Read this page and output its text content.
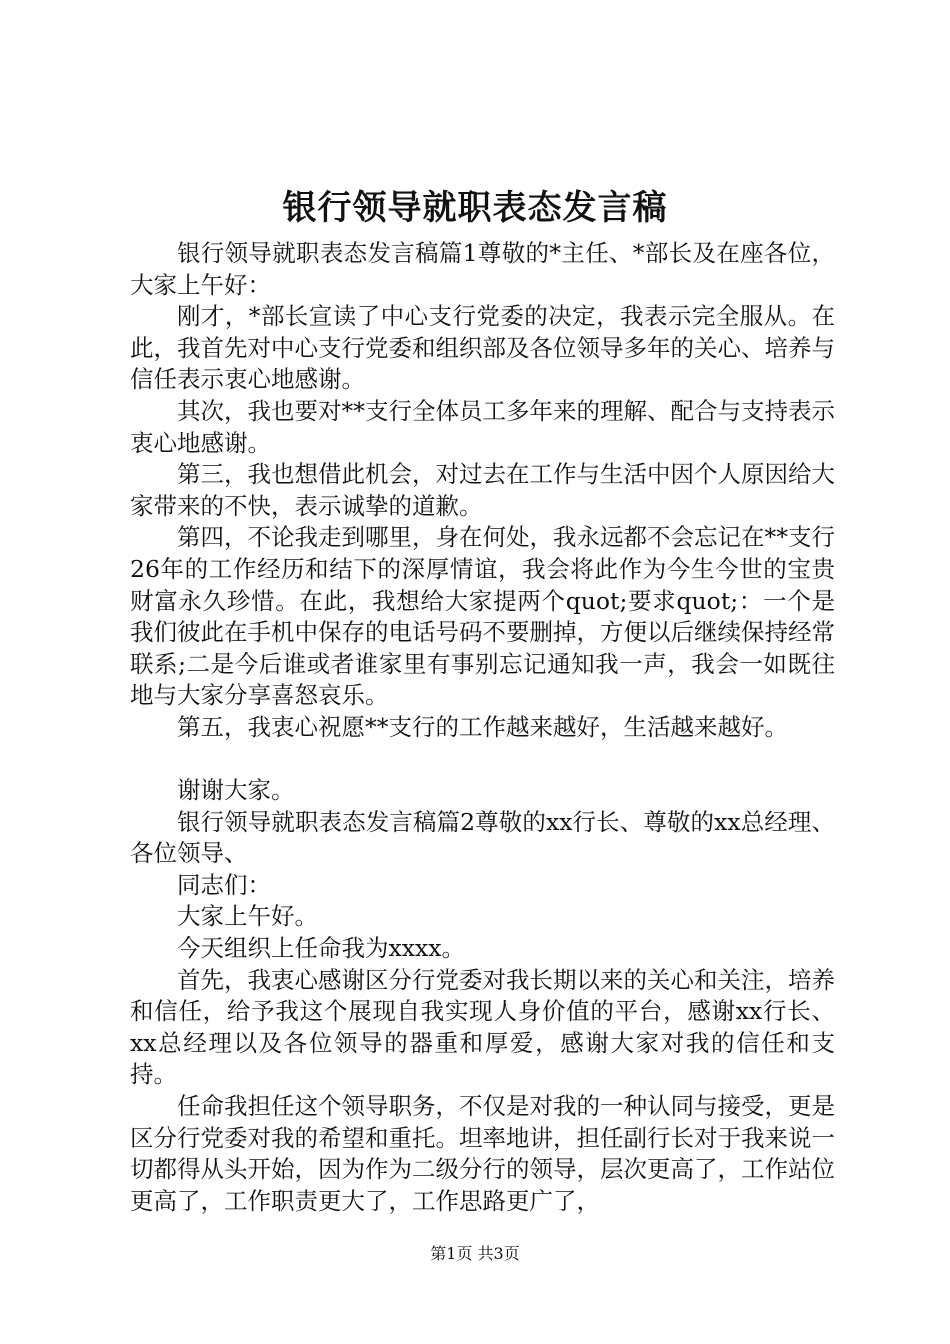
银行领导就职表态发言稿

银行领导就职表态发言稿篇1尊敬的*主任、*部长及在座各位，大家上午好：

刚才，*部长宣读了中心支行党委的决定，我表示完全服从。在此，我首先对中心支行党委和组织部及各位领导多年的关心、培养与信任表示衷心地感谢。

其次，我也要对**支行全体员工多年来的理解、配合与支持表示衷心地感谢。

第三，我也想借此机会，对过去在工作与生活中因个人原因给大家带来的不快，表示诚挚的道歉。

第四，不论我走到哪里，身在何处，我永远都不会忘记在**支行26年的工作经历和结下的深厚情谊，我会将此作为今生今世的宝贵财富永久珍惜。在此，我想给大家提两个quot;要求quot;：一个是我们彼此在手机中保存的电话号码不要删掉，方便以后继续保持经常联系;二是今后谁或者谁家里有事别忘记通知我一声，我会一如既往地与大家分享喜怒哀乐。

第五，我衷心祝愿**支行的工作越来越好，生活越来越好。

谢谢大家。

银行领导就职表态发言稿篇2尊敬的xx行长、尊敬的xx总经理、各位领导、

同志们：

大家上午好。

今天组织上任命我为xxxx。

首先，我衷心感谢区分行党委对我长期以来的关心和关注，培养和信任，给予我这个展现自我实现人身价值的平台，感谢xx行长、xx总经理以及各位领导的器重和厚爱，感谢大家对我的信任和支持。

任命我担任这个领导职务，不仅是对我的一种认同与接受，更是区分行党委对我的希望和重托。坦率地讲，担任副行长对于我来说一切都得从头开始，因为作为二级分行的领导，层次更高了，工作站位更高了，工作职责更大了，工作思路更广了，

第1页 共3页
